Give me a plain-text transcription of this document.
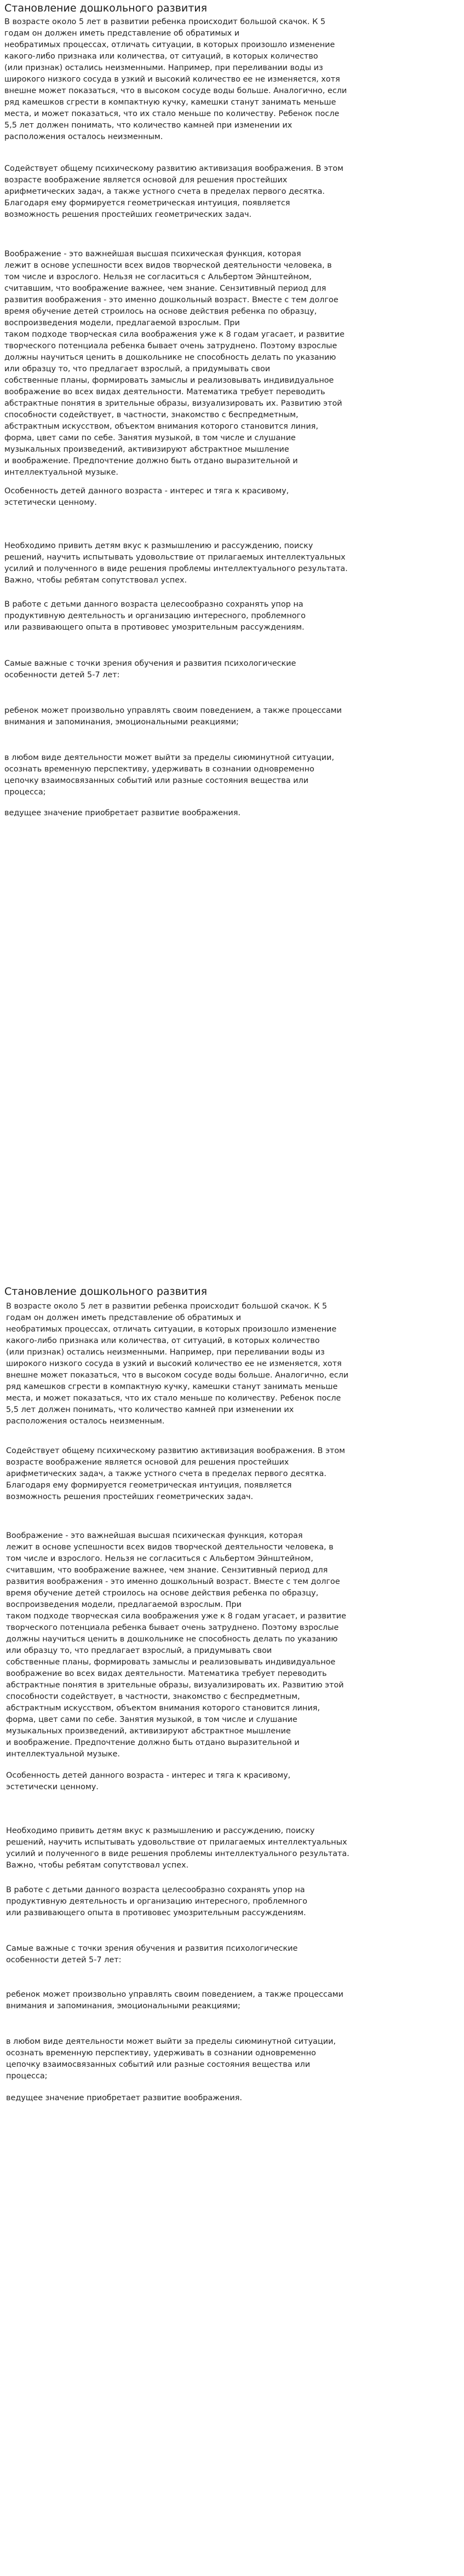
Становление дошкольного развития

В возрасте около 5 лет в развитии ребенка происходит большой скачок. К 5
годам он должен иметь представление об обратимых и
необратимых процессах, отличать ситуации, в которых произошло изменение
какого-либо признака или количества, от ситуаций, в которых количество
(или признак) остались неизменными. Например, при переливании воды из
широкого низкого сосуда в узкий и высокий количество ее не изменяется, хотя
внешне может показаться, что в высоком сосуде воды больше. Аналогично, если
ряд камешков сгрести в компактную кучку, камешки станут занимать меньше
места, и может показаться, что их стало меньше по количеству. Ребенок после
5,5 лет должен понимать, что количество камней при изменении их
расположения осталось неизменным.

Содействует общему психическому развитию активизация воображения. В этом
возрасте воображение является основой для решения простейших
арифметических задач, а также устного счета в пределах первого десятка.
Благодаря ему формируется геометрическая интуиция, появляется
возможность решения простейших геометрических задач.

Воображение - это важнейшая высшая психическая функция, которая
лежит в основе успешности всех видов творческой деятельности человека, в
том числе и взрослого. Нельзя не согласиться с Альбертом Эйнштейном,
считавшим, что воображение важнее, чем знание. Сензитивный период для
развития воображения - это именно дошкольный возраст. Вместе с тем долгое
время обучение детей строилось на основе действия ребенка по образцу,
воспроизведения модели, предлагаемой взрослым. При
таком подходе творческая сила воображения уже к 8 годам угасает, и развитие
творческого потенциала ребенка бывает очень затруднено. Поэтому взрослые
должны научиться ценить в дошкольнике не способность делать по указанию
или образцу то, что предлагает взрослый, а придумывать свои
собственные планы, формировать замыслы и реализовывать индивидуальное
воображение во всех видах деятельности. Математика требует переводить
абстрактные понятия в зрительные образы, визуализировать их. Развитию этой
способности содействует, в частности, знакомство с беспредметным,
абстрактным искусством, объектом внимания которого становится линия,
форма, цвет сами по себе. Занятия музыкой, в том числе и слушание
музыкальных произведений, активизируют абстрактное мышление
и воображение. Предпочтение должно быть отдано выразительной и
интеллектуальной музыке.

Особенность детей данного возраста - интерес и тяга к красивому,
эстетически ценному.

Необходимо привить детям вкус к размышлению и рассуждению, поиску
решений, научить испытывать удовольствие от прилагаемых интеллектуальных
усилий и полученного в виде решения проблемы интеллектуального результата.
Важно, чтобы ребятам сопутствовал успех.

В работе с детьми данного возраста целесообразно сохранять упор на
продуктивную деятельность и организацию интересного, проблемного
или развивающего опыта в противовес умозрительным рассуждениям.

Самые важные с точки зрения обучения и развития психологические
особенности детей 5-7 лет:

ребенок может произвольно управлять своим поведением, а также процессами
внимания и запоминания, эмоциональными реакциями;

в любом виде деятельности может выйти за пределы сиюминутной ситуации,
осознать временную перспективу, удерживать в сознании одновременно
цепочку взаимосвязанных событий или разные состояния вещества или
процесса;

ведущее значение приобретает развитие воображения.

Становление дошкольного развития

В возрасте около 5 лет в развитии ребенка происходит большой скачок. К 5
годам он должен иметь представление об обратимых и
необратимых процессах, отличать ситуации, в которых произошло изменение
какого-либо признака или количества, от ситуаций, в которых количество
(или признак) остались неизменными. Например, при переливании воды из
широкого низкого сосуда в узкий и высокий количество ее не изменяется, хотя
внешне может показаться, что в высоком сосуде воды больше. Аналогично, если
ряд камешков сгрести в компактную кучку, камешки станут занимать меньше
места, и может показаться, что их стало меньше по количеству. Ребенок после
5,5 лет должен понимать, что количество камней при изменении их
расположения осталось неизменным.

Содействует общему психическому развитию активизация воображения. В этом
возрасте воображение является основой для решения простейших
арифметических задач, а также устного счета в пределах первого десятка.
Благодаря ему формируется геометрическая интуиция, появляется
возможность решения простейших геометрических задач.

Воображение - это важнейшая высшая психическая функция, которая
лежит в основе успешности всех видов творческой деятельности человека, в
том числе и взрослого. Нельзя не согласиться с Альбертом Эйнштейном,
считавшим, что воображение важнее, чем знание. Сензитивный период для
развития воображения - это именно дошкольный возраст. Вместе с тем долгое
время обучение детей строилось на основе действия ребенка по образцу,
воспроизведения модели, предлагаемой взрослым. При
таком подходе творческая сила воображения уже к 8 годам угасает, и развитие
творческого потенциала ребенка бывает очень затруднено. Поэтому взрослые
должны научиться ценить в дошкольнике не способность делать по указанию
или образцу то, что предлагает взрослый, а придумывать свои
собственные планы, формировать замыслы и реализовывать индивидуальное
воображение во всех видах деятельности. Математика требует переводить
абстрактные понятия в зрительные образы, визуализировать их. Развитию этой
способности содействует, в частности, знакомство с беспредметным,
абстрактным искусством, объектом внимания которого становится линия,
форма, цвет сами по себе. Занятия музыкой, в том числе и слушание
музыкальных произведений, активизируют абстрактное мышление
и воображение. Предпочтение должно быть отдано выразительной и
интеллектуальной музыке.

Особенность детей данного возраста - интерес и тяга к красивому,
эстетически ценному.

Необходимо привить детям вкус к размышлению и рассуждению, поиску
решений, научить испытывать удовольствие от прилагаемых интеллектуальных
усилий и полученного в виде решения проблемы интеллектуального результата.
Важно, чтобы ребятам сопутствовал успех.

В работе с детьми данного возраста целесообразно сохранять упор на
продуктивную деятельность и организацию интересного, проблемного
или развивающего опыта в противовес умозрительным рассуждениям.

Самые важные с точки зрения обучения и развития психологические
особенности детей 5-7 лет:

ребенок может произвольно управлять своим поведением, а также процессами
внимания и запоминания, эмоциональными реакциями;

в любом виде деятельности может выйти за пределы сиюминутной ситуации,
осознать временную перспективу, удерживать в сознании одновременно
цепочку взаимосвязанных событий или разные состояния вещества или
процесса;

ведущее значение приобретает развитие воображения.
